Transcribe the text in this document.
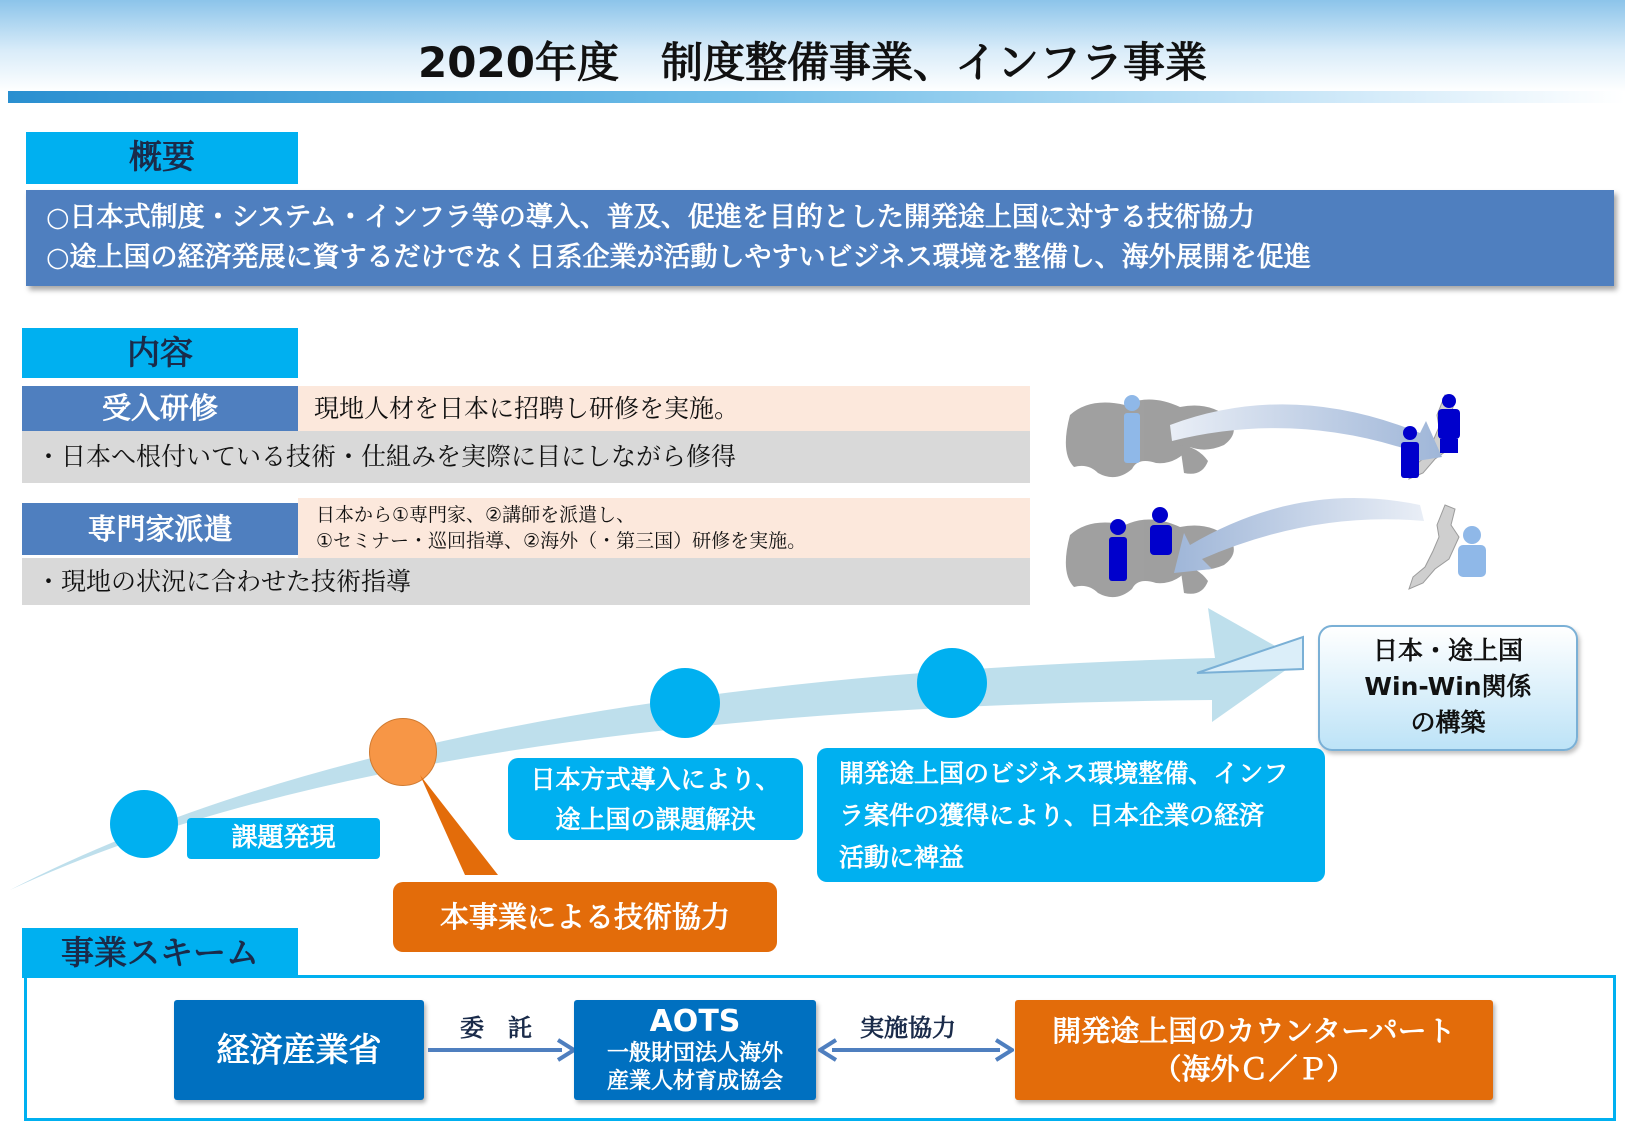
2020年度　制度整備事業、インフラ事業
概要
○日本式制度・システム・インフラ等の導入、普及、促進を目的とした開発途上国に対する技術協力
○途上国の経済発展に資するだけでなく日系企業が活動しやすいビジネス環境を整備し、海外展開を促進
内容
受入研修	現地人材を日本に招聘し研修を実施。
・日本へ根付いている技術・仕組みを実際に目にしながら修得
専門家派遣	日本から①専門家、②講師を派遣し、
①セミナー・巡回指導、②海外（・第三国）研修を実施。
・現地の状況に合わせた技術指導
課題発現
本事業による技術協力
日本方式導入により、
途上国の課題解決
開発途上国のビジネス環境整備、インフ
ラ案件の獲得により、日本企業の経済
活動に裨益
日本・途上国
Win-Win関係
の構築
事業スキーム
経済産業省
委　託	AOTS
一般財団法人海外
産業人材育成協会
実施協力	開発途上国のカウンターパート
（海外Ｃ／Ｐ）
